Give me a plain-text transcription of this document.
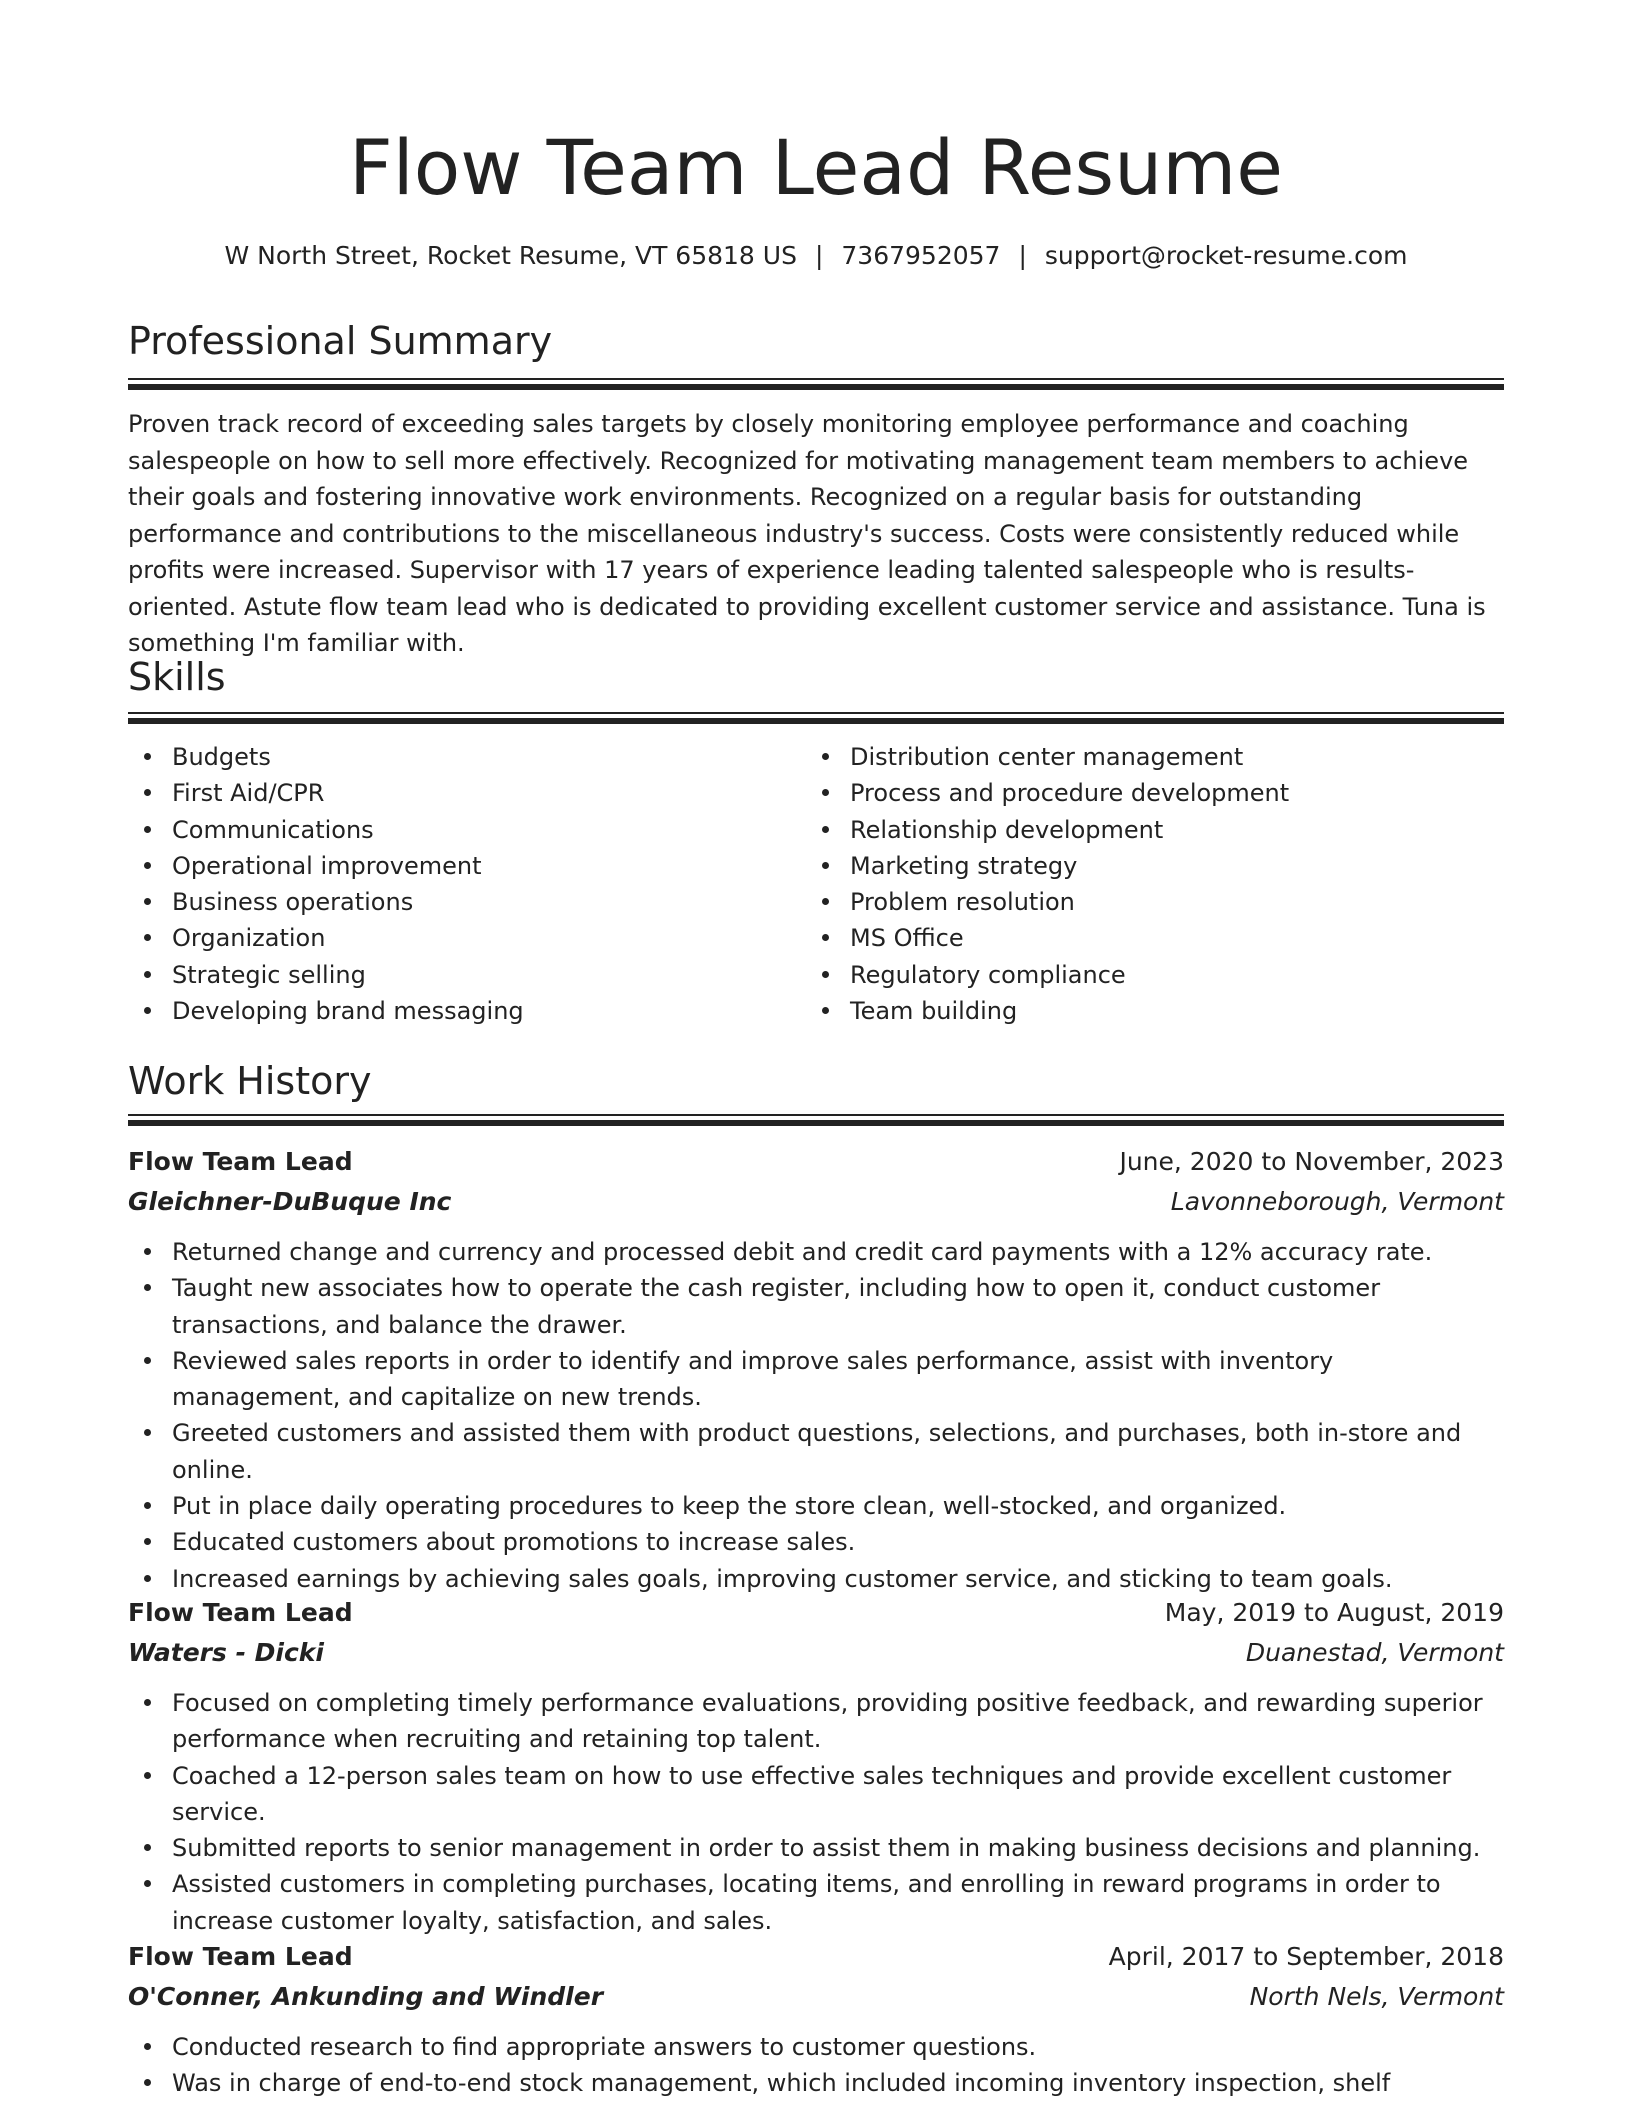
Flow Team Lead Resume
W North Street, Rocket Resume, VT 65818 US | 7367952057 | support@rocket-resume.com
Professional Summary

Proven track record of exceeding sales targets by closely monitoring employee performance and coaching salespeople on how to sell more effectively. Recognized for motivating management team members to achieve their goals and fostering innovative work environments. Recognized on a regular basis for outstanding performance and contributions to the miscellaneous industry's success. Costs were consistently reduced while profits were increased. Supervisor with 17 years of experience leading talented salespeople who is results-oriented. Astute flow team lead who is dedicated to providing excellent customer service and assistance. Tuna is something I'm familiar with.

Skills
Budgets
First Aid/CPR
Communications
Operational improvement
Business operations
Organization
Strategic selling
Developing brand messaging
Distribution center management
Process and procedure development
Relationship development
Marketing strategy
Problem resolution
MS Office
Regulatory compliance
Team building
Work History
Flow Team Lead	June, 2020 to November, 2023
Gleichner-DuBuque Inc	Lavonneborough, Vermont
Returned change and currency and processed debit and credit card payments with a 12% accuracy rate.
Taught new associates how to operate the cash register, including how to open it, conduct customer transactions, and balance the drawer.
Reviewed sales reports in order to identify and improve sales performance, assist with inventory management, and capitalize on new trends.
Greeted customers and assisted them with product questions, selections, and purchases, both in-store and online.
Put in place daily operating procedures to keep the store clean, well-stocked, and organized.
Educated customers about promotions to increase sales.
Increased earnings by achieving sales goals, improving customer service, and sticking to team goals.
Flow Team Lead	May, 2019 to August, 2019
Waters - Dicki	Duanestad, Vermont
Focused on completing timely performance evaluations, providing positive feedback, and rewarding superior performance when recruiting and retaining top talent.
Coached a 12-person sales team on how to use effective sales techniques and provide excellent customer service.
Submitted reports to senior management in order to assist them in making business decisions and planning.
Assisted customers in completing purchases, locating items, and enrolling in reward programs in order to increase customer loyalty, satisfaction, and sales.
Flow Team Lead	April, 2017 to September, 2018
O'Conner, Ankunding and Windler	North Nels, Vermont
Conducted research to find appropriate answers to customer questions.
Was in charge of end-to-end stock management, which included incoming inventory inspection, shelf
